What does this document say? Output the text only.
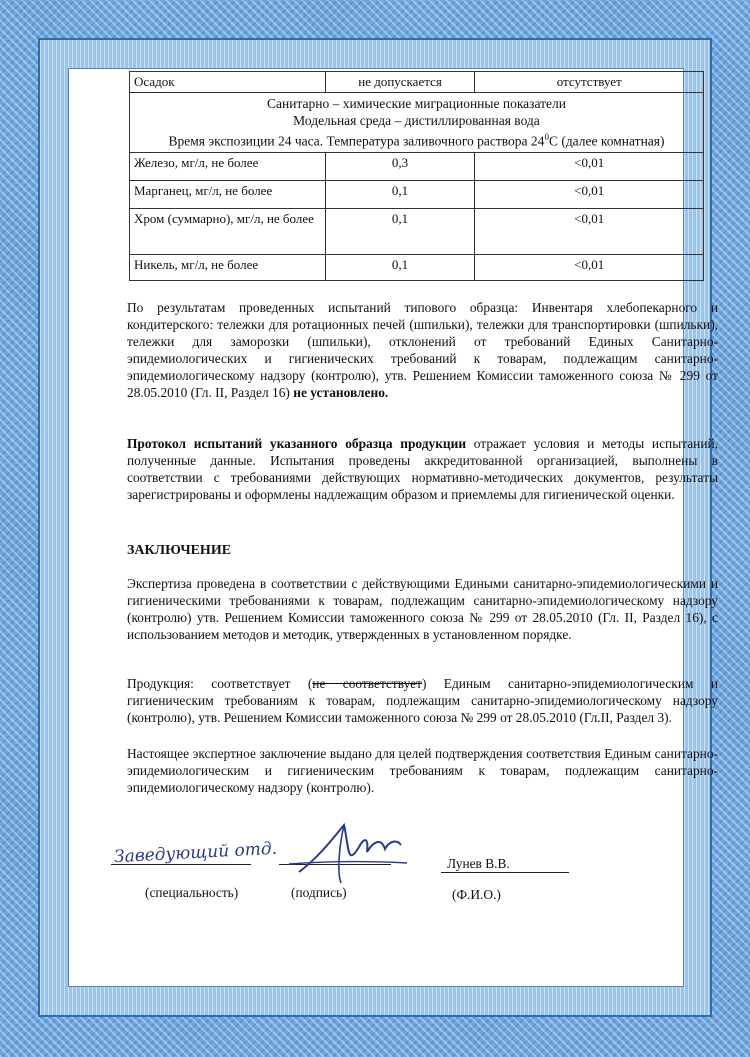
Осадок	не допускается	отсутствует

Санитарно – химические миграционные показатели
Модельная среда – дистиллированная вода
Время экспозиции 24 часа. Температура заливочного раствора $24^0С$ (далее комнатная)		

Железо, мг/л, не более	0,3	<0,01
Марганец, мг/л, не более	0,1	<0,01
Хром (суммарно), мг/л, не более	0,1	<0,01
Никель, мг/л, не более	0,1	<0,01

По результатам проведенных испытаний типового образца: Инвентаря хлебопекарного и кондитерского: тележки для ротационных печей (шпильки), тележки для транспортировки (шпильки), тележки для заморозки (шпильки), отклонений от требований Единых Санитарно-эпидемиологических и гигиенических требований к товарам, подлежащим санитарно-эпидемиологическому надзору (контролю), утв. Решением Комиссии таможенного союза № 299 от 28.05.2010 (Гл. II, Раздел 16) не установлено.

Протокол испытаний указанного образца продукции отражает условия и методы испытаний, полученные данные. Испытания проведены аккредитованной организацией, выполнены в соответствии с требованиями действующих нормативно-методических документов, результаты зарегистрированы и оформлены надлежащим образом и приемлемы для гигиенической оценки.

ЗАКЛЮЧЕНИЕ

Экспертиза проведена в соответствии с действующими Едиными санитарно-эпидемиологическими и гигиеническими требованиями к товарам, подлежащим санитарно-эпидемиологическому надзору (контролю) утв. Решением Комиссии таможенного союза № 299 от 28.05.2010 (Гл. II, Раздел 16), с использованием методов и методик, утвержденных в установленном порядке.

Продукция: соответствует (не соответствует) Единым санитарно-эпидемиологическим и гигиеническим требованиям к товарам, подлежащим санитарно-эпидемиологическому надзору (контролю), утв. Решением Комиссии таможенного союза № 299 от 28.05.2010 (Гл.II, Раздел 3).

Настоящее экспертное заключение выдано для целей подтверждения соответствия Единым санитарно-эпидемиологическим и гигиеническим требованиям к товарам, подлежащим санитарно-эпидемиологическому надзору (контролю).

Заведующий отд.	Лунев В.В.
(специальность)	(подпись)	(Ф.И.О.)
